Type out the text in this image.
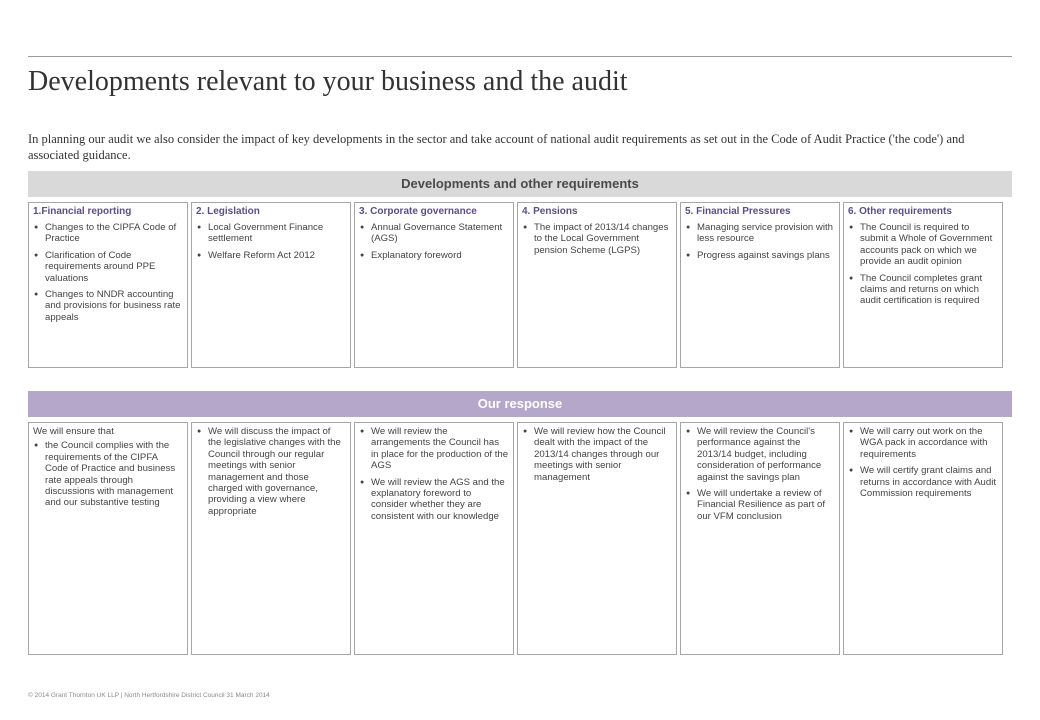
Developments relevant to your business and the audit

In planning our audit we also consider the impact of key developments in the sector and take account of national audit requirements as set out in the Code of Audit Practice ('the code') and associated guidance.

Developments and other requirements
1.Financial reporting
● Changes to the CIPFA Code of Practice
● Clarification of Code requirements around PPE valuations
● Changes to NNDR accounting and provisions for business rate appeals
2. Legislation
● Local Government Finance settlement
● Welfare Reform Act 2012
3. Corporate governance
● Annual Governance Statement (AGS)
● Explanatory foreword
4. Pensions
● The impact of 2013/14 changes to the Local Government pension Scheme (LGPS)
5. Financial Pressures
● Managing service provision with less resource
● Progress against savings plans
6. Other requirements
● The Council is required to submit a Whole of Government accounts pack on which we provide an audit opinion
● The Council completes grant claims and returns on which audit certification is required
Our response

We will ensure that

● the Council complies with the requirements of the CIPFA Code of Practice and business rate appeals through discussions with management and our substantive testing
● We will discuss the impact of the legislative changes with the Council through our regular meetings with senior management and those charged with governance, providing a view where appropriate
● We will review the arrangements the Council has in place for the production of the AGS
● We will review the AGS and the explanatory foreword to consider whether they are consistent with our knowledge
● We will review how the Council dealt with the impact of the 2013/14 changes through our meetings with senior management
● We will review the Council's performance against the 2013/14 budget, including consideration of performance against the savings plan
● We will undertake a review of Financial Resilience as part of our VFM conclusion
● We will carry out work on the WGA pack in accordance with requirements
● We will certify grant claims and returns in accordance with Audit Commission requirements
© 2014 Grant Thornton UK LLP | North Hertfordshire District Council 31 March 2014
